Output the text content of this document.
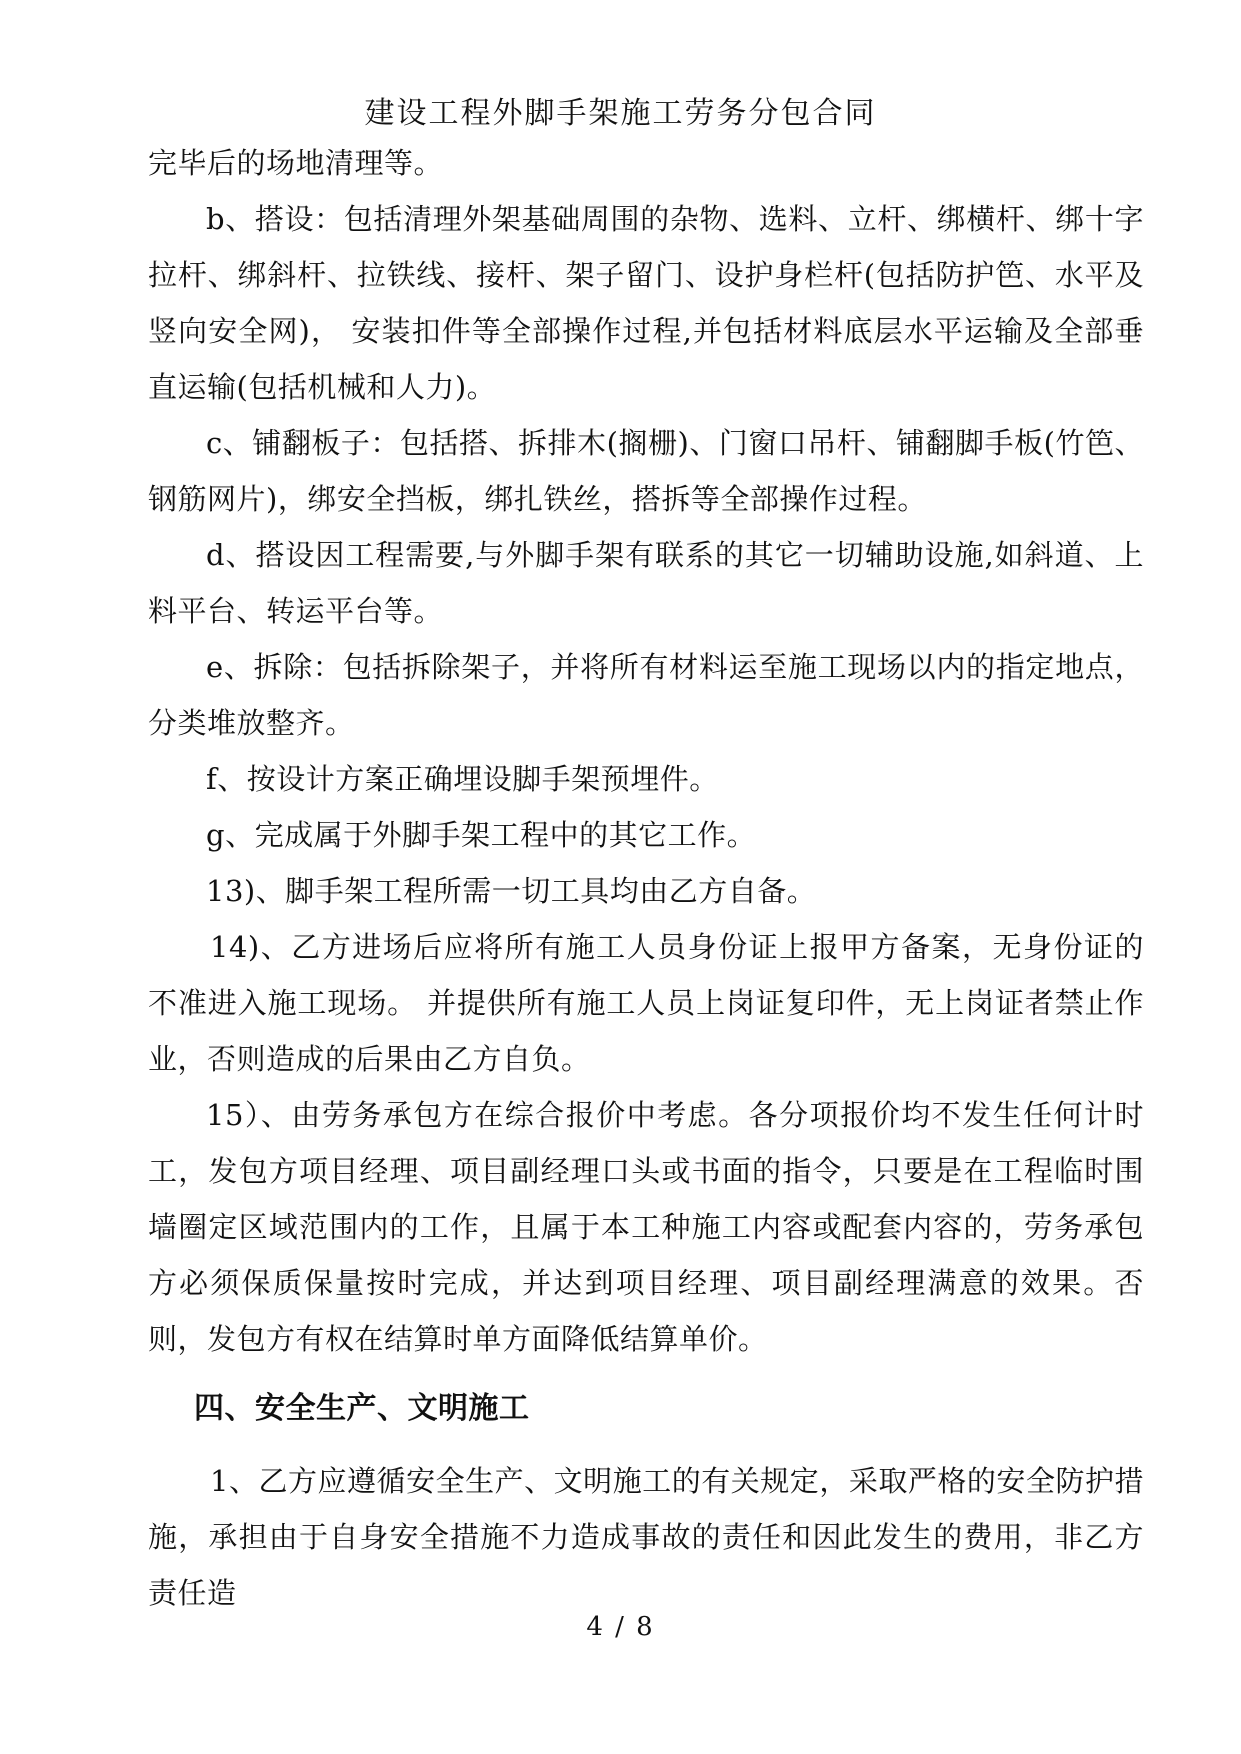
建设工程外脚手架施工劳务分包合同

完毕后的场地清理等。

b、搭设：包括清理外架基础周围的杂物、选料、立杆、绑横杆、绑十字拉杆、绑斜杆、拉铁线、接杆、架子留门、设护身栏杆(包括防护笆、水平及竖向安全网)， 安装扣件等全部操作过程,并包括材料底层水平运输及全部垂直运输(包括机械和人力)。

c、铺翻板子：包括搭、拆排木(搁栅)、门窗口吊杆、铺翻脚手板(竹笆、钢筋网片)，绑安全挡板，绑扎铁丝，搭拆等全部操作过程。

d、搭设因工程需要,与外脚手架有联系的其它一切辅助设施,如斜道、上料平台、转运平台等。

e、拆除：包括拆除架子，并将所有材料运至施工现场以内的指定地点，分类堆放整齐。

f、按设计方案正确埋设脚手架预埋件。

g、完成属于外脚手架工程中的其它工作。

13)、脚手架工程所需一切工具均由乙方自备。

14)、乙方进场后应将所有施工人员身份证上报甲方备案，无身份证的不准进入施工现场。 并提供所有施工人员上岗证复印件，无上岗证者禁止作业，否则造成的后果由乙方自负。

15）、由劳务承包方在综合报价中考虑。各分项报价均不发生任何计时工，发包方项目经理、项目副经理口头或书面的指令，只要是在工程临时围墙圈定区域范围内的工作，且属于本工种施工内容或配套内容的，劳务承包方必须保质保量按时完成，并达到项目经理、项目副经理满意的效果。否则，发包方有权在结算时单方面降低结算单价。

四、安全生产、文明施工

1、乙方应遵循安全生产、文明施工的有关规定，采取严格的安全防护措施，承担由于自身安全措施不力造成事故的责任和因此发生的费用，非乙方责任造

4 / 8
